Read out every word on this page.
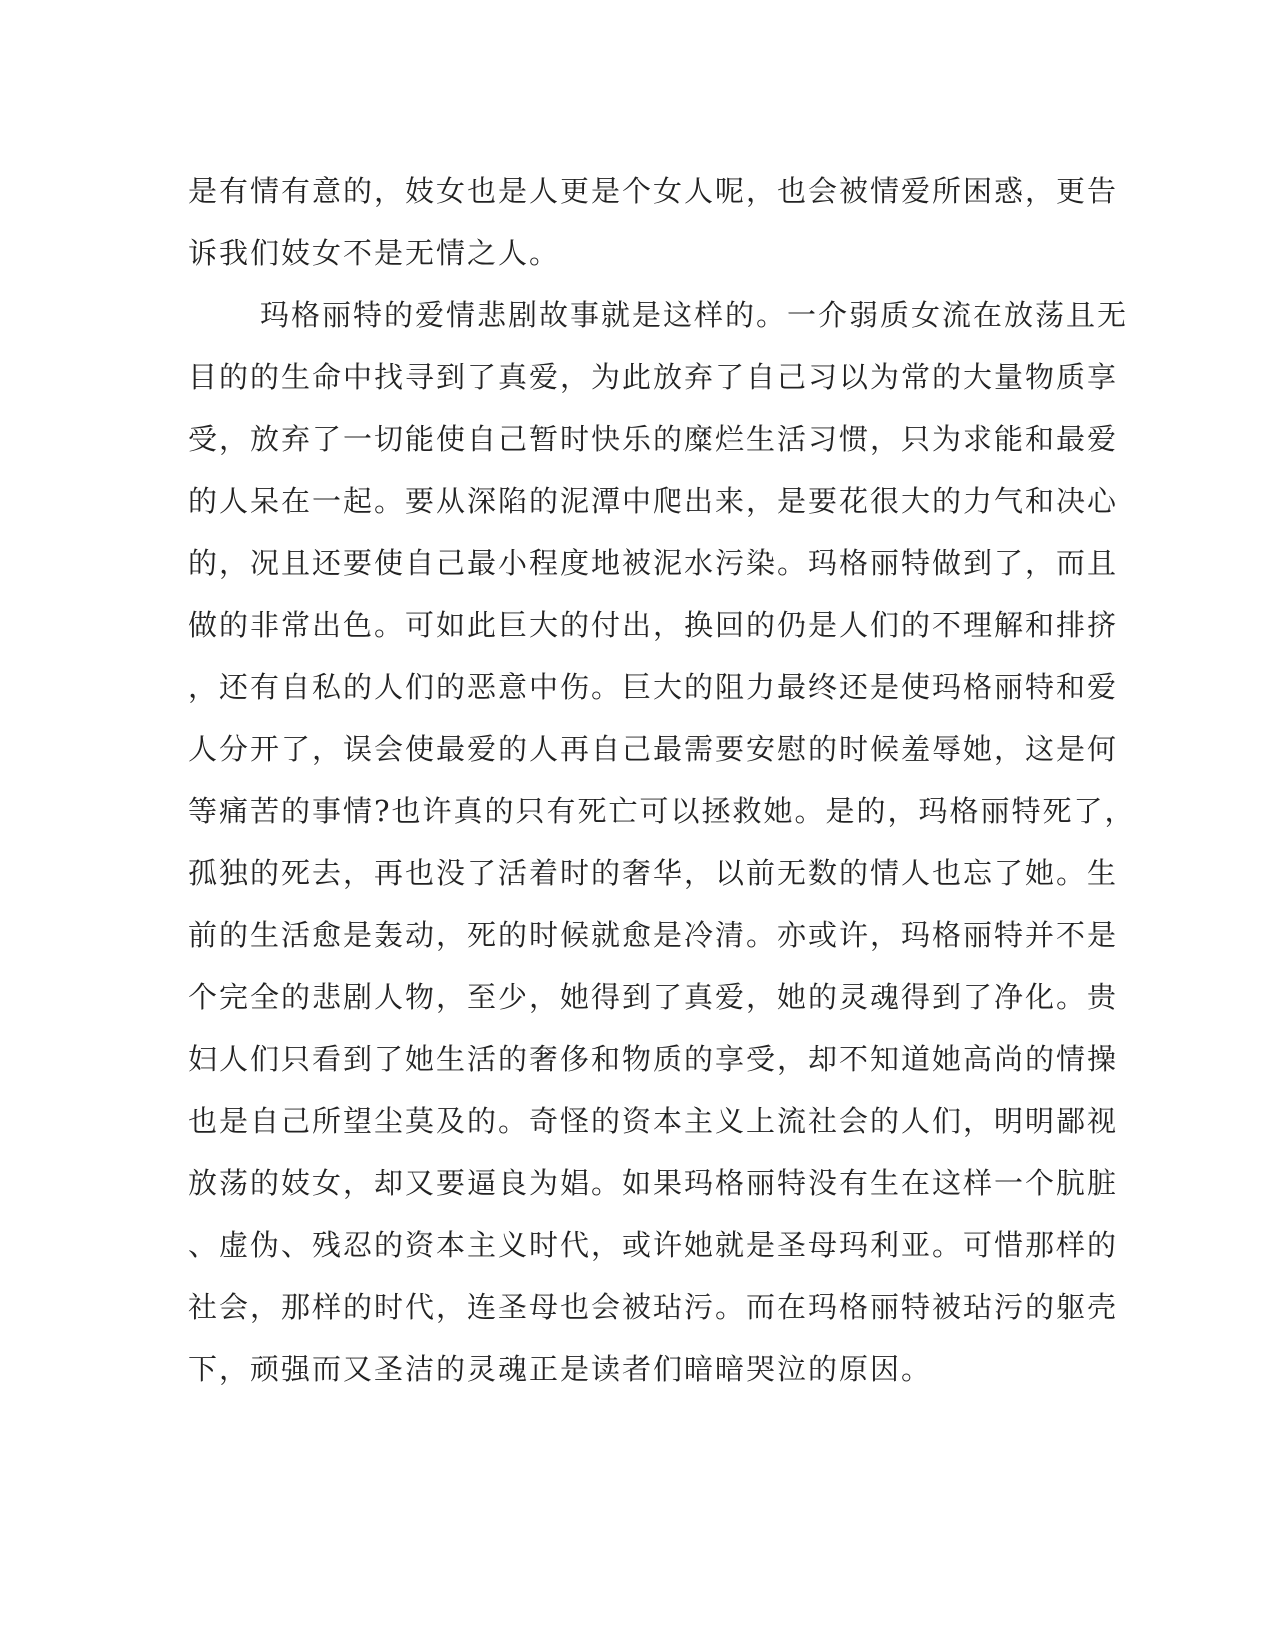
是有情有意的，妓女也是人更是个女人呢，也会被情爱所困惑，更告
诉我们妓女不是无情之人。
玛格丽特的爱情悲剧故事就是这样的。一介弱质女流在放荡且无
目的的生命中找寻到了真爱，为此放弃了自己习以为常的大量物质享
受，放弃了一切能使自己暂时快乐的糜烂生活习惯，只为求能和最爱
的人呆在一起。要从深陷的泥潭中爬出来，是要花很大的力气和决心
的，况且还要使自己最小程度地被泥水污染。玛格丽特做到了，而且
做的非常出色。可如此巨大的付出，换回的仍是人们的不理解和排挤
，还有自私的人们的恶意中伤。巨大的阻力最终还是使玛格丽特和爱
人分开了，误会使最爱的人再自己最需要安慰的时候羞辱她，这是何
等痛苦的事情?也许真的只有死亡可以拯救她。是的，玛格丽特死了，
孤独的死去，再也没了活着时的奢华，以前无数的情人也忘了她。生
前的生活愈是轰动，死的时候就愈是冷清。亦或许，玛格丽特并不是
个完全的悲剧人物，至少，她得到了真爱，她的灵魂得到了净化。贵
妇人们只看到了她生活的奢侈和物质的享受，却不知道她高尚的情操
也是自己所望尘莫及的。奇怪的资本主义上流社会的人们，明明鄙视
放荡的妓女，却又要逼良为娼。如果玛格丽特没有生在这样一个肮脏
、虚伪、残忍的资本主义时代，或许她就是圣母玛利亚。可惜那样的
社会，那样的时代，连圣母也会被玷污。而在玛格丽特被玷污的躯壳
下，顽强而又圣洁的灵魂正是读者们暗暗哭泣的原因。
